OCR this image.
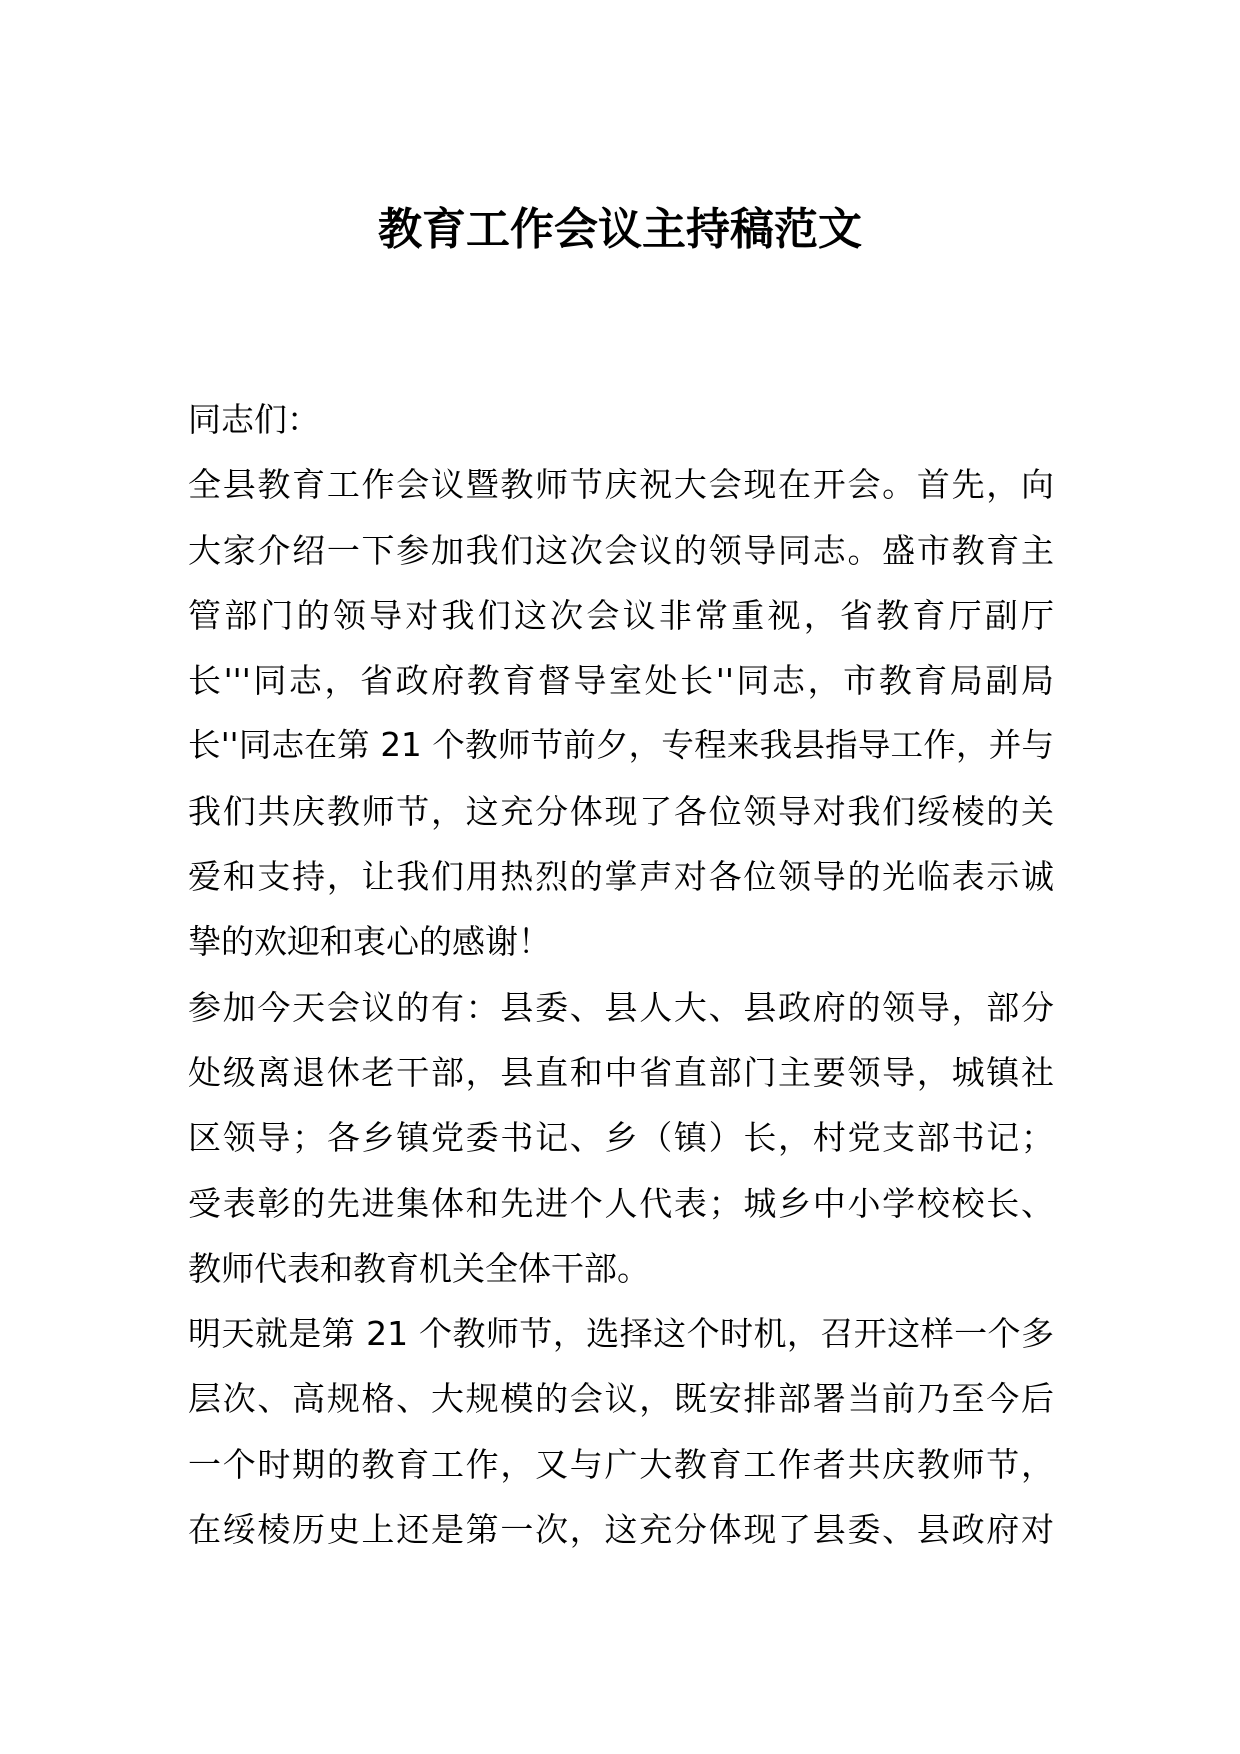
教育工作会议主持稿范文
同志们：
全县教育工作会议暨教师节庆祝大会现在开会。首先，向
大家介绍一下参加我们这次会议的领导同志。盛市教育主
管部门的领导对我们这次会议非常重视，省教育厅副厅
长'''同志，省政府教育督导室处长''同志，市教育局副局
长''同志在第 21 个教师节前夕，专程来我县指导工作，并与
我们共庆教师节，这充分体现了各位领导对我们绥棱的关
爱和支持，让我们用热烈的掌声对各位领导的光临表示诚
挚的欢迎和衷心的感谢！
参加今天会议的有：县委、县人大、县政府的领导，部分
处级离退休老干部，县直和中省直部门主要领导，城镇社
区领导；各乡镇党委书记、乡（镇）长，村党支部书记；
受表彰的先进集体和先进个人代表；城乡中小学校校长、
教师代表和教育机关全体干部。
明天就是第 21 个教师节，选择这个时机，召开这样一个多
层次、高规格、大规模的会议，既安排部署当前乃至今后
一个时期的教育工作，又与广大教育工作者共庆教师节，
在绥棱历史上还是第一次，这充分体现了县委、县政府对
